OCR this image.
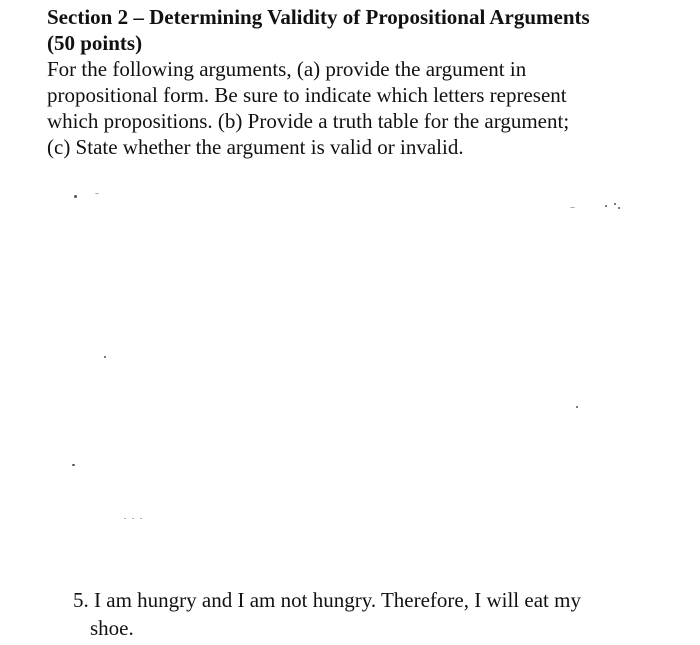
Section 2 – Determining Validity of Propositional Arguments
(50 points)

For the following arguments, (a) provide the argument in
propositional form. Be sure to indicate which letters represent
which propositions. (b) Provide a truth table for the argument;
(c) State whether the argument is valid or invalid.

5. I am hungry and I am not hungry. Therefore, I will eat my
shoe.
